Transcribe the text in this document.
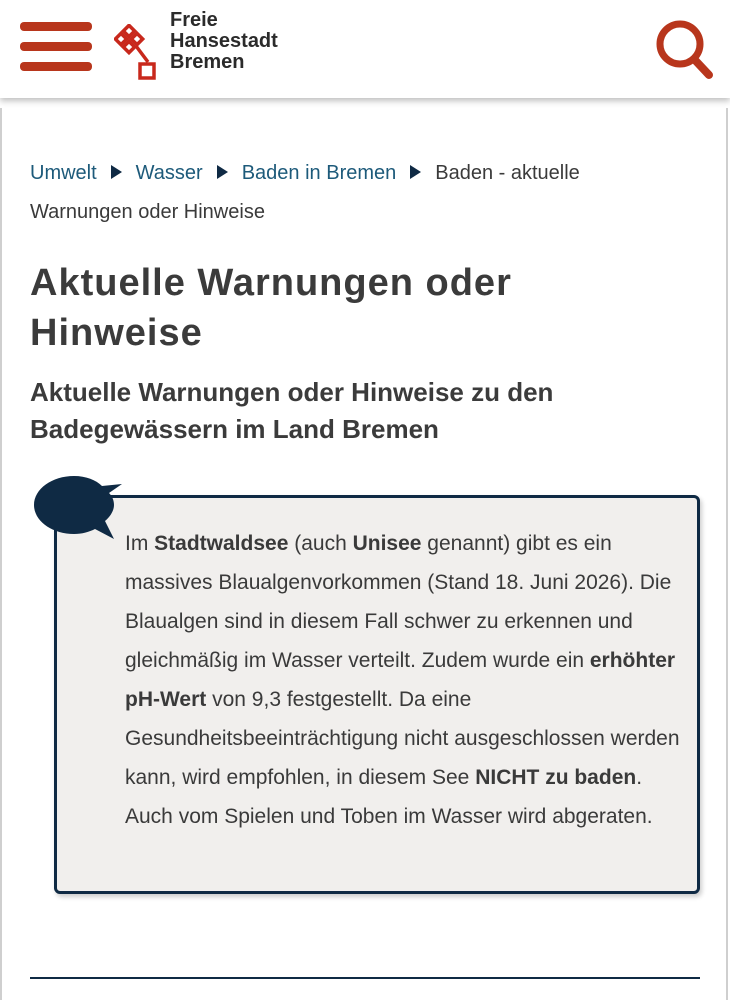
Freie
Hansestadt
Bremen
Umwelt Wasser Baden in Bremen Baden - aktuelle Warnungen oder Hinweise
Aktuelle Warnungen oder Hinweise
Aktuelle Warnungen oder Hinweise zu den Badegewässern im Land Bremen
Im Stadtwaldsee (auch Unisee genannt) gibt es ein massives Blaualgenvorkommen (Stand 18. Juni 2026). Die Blaualgen sind in diesem Fall schwer zu erkennen und gleichmäßig im Wasser verteilt. Zudem wurde ein erhöhter pH-Wert von 9,3 festgestellt. Da eine Gesundheitsbeeinträchtigung nicht ausgeschlossen werden kann, wird empfohlen, in diesem See NICHT zu baden. Auch vom Spielen und Toben im Wasser wird abgeraten.
